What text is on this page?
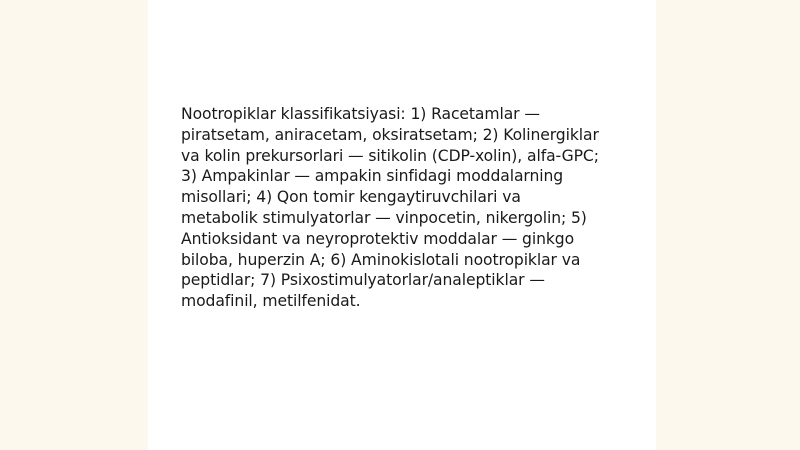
Nootropiklar klassifikatsiyasi: 1) Racetamlar —
piratsetam, aniracetam, oksiratsetam; 2) Kolinergiklar
va kolin prekursorlari — sitikolin (CDP-xolin), alfa-GPC;
3) Ampakinlar — ampakin sinfidagi moddalarning
misollari; 4) Qon tomir kengaytiruvchilari va
metabolik stimulyatorlar — vinpocetin, nikergolin; 5)
Antioksidant va neyroprotektiv moddalar — ginkgo
biloba, huperzin A; 6) Aminokislotali nootropiklar va
peptidlar; 7) Psixostimulyatorlar/analeptiklar —
modafinil, metilfenidat.
